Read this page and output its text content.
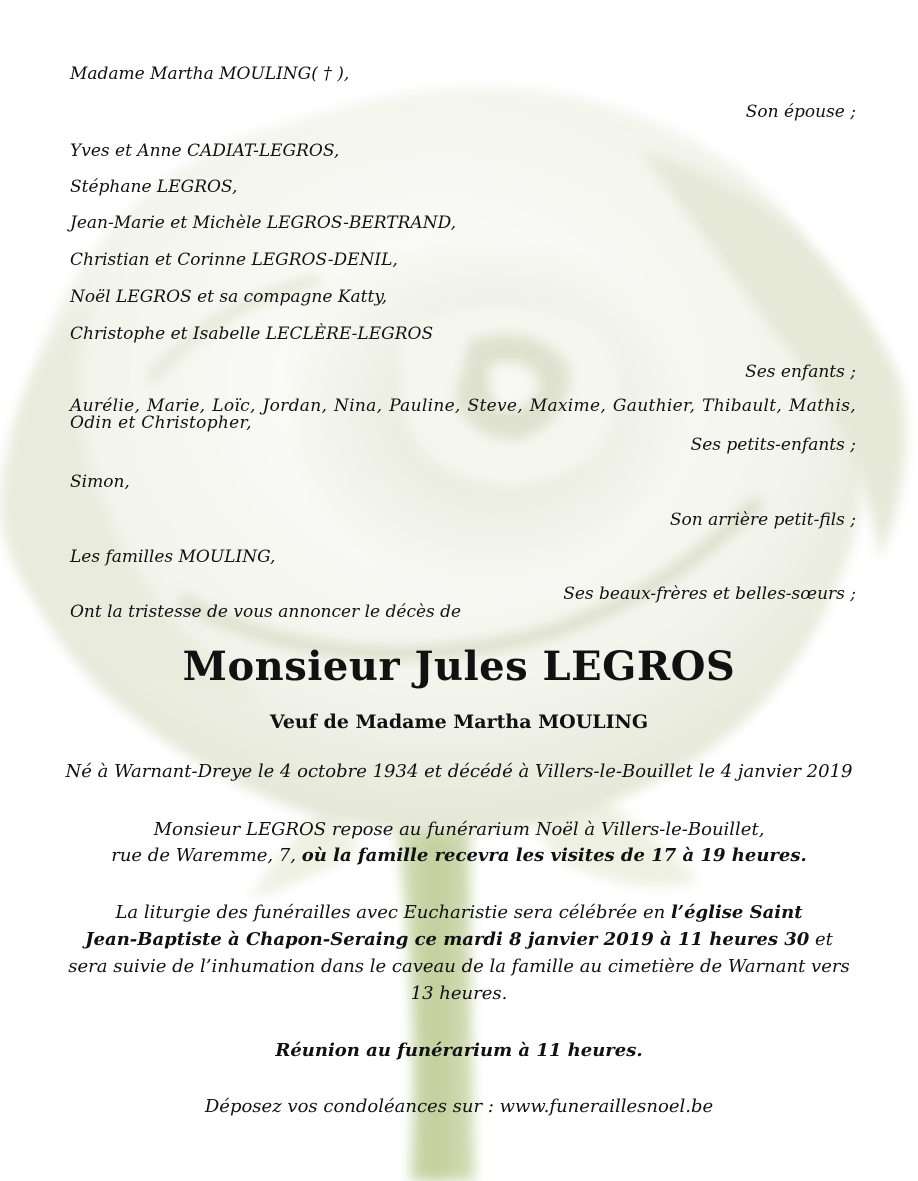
Madame Martha MOULING( † ),
Son épouse ;
Yves et Anne CADIAT-LEGROS,
Stéphane LEGROS,
Jean-Marie et Michèle LEGROS-BERTRAND,
Christian et Corinne LEGROS-DENIL,
Noël LEGROS et sa compagne Katty,
Christophe et Isabelle LECLÈRE-LEGROS
Ses enfants ;
Aurélie, Marie, Loïc, Jordan, Nina, Pauline, Steve, Maxime, Gauthier, Thibault, Mathis, Odin et Christopher,
Ses petits-enfants ;
Simon,
Son arrière petit-fils ;
Les familles MOULING,
Ses beaux-frères et belles-sœurs ;
Ont la tristesse de vous annoncer le décès de
Monsieur Jules LEGROS
Veuf de Madame Martha MOULING
Né à Warnant-Dreye le 4 octobre 1934 et décédé à Villers-le-Bouillet le 4 janvier 2019
Monsieur LEGROS repose au funérarium Noël à Villers-le-Bouillet,
rue de Waremme, 7, où la famille recevra les visites de 17 à 19 heures.
La liturgie des funérailles avec Eucharistie sera célébrée en l’église Saint
Jean-Baptiste à Chapon-Seraing ce mardi 8 janvier 2019 à 11 heures 30 et
sera suivie de l’inhumation dans le caveau de la famille au cimetière de Warnant vers
13 heures.
Réunion au funérarium à 11 heures.
Déposez vos condoléances sur : www.funeraillesnoel.be
